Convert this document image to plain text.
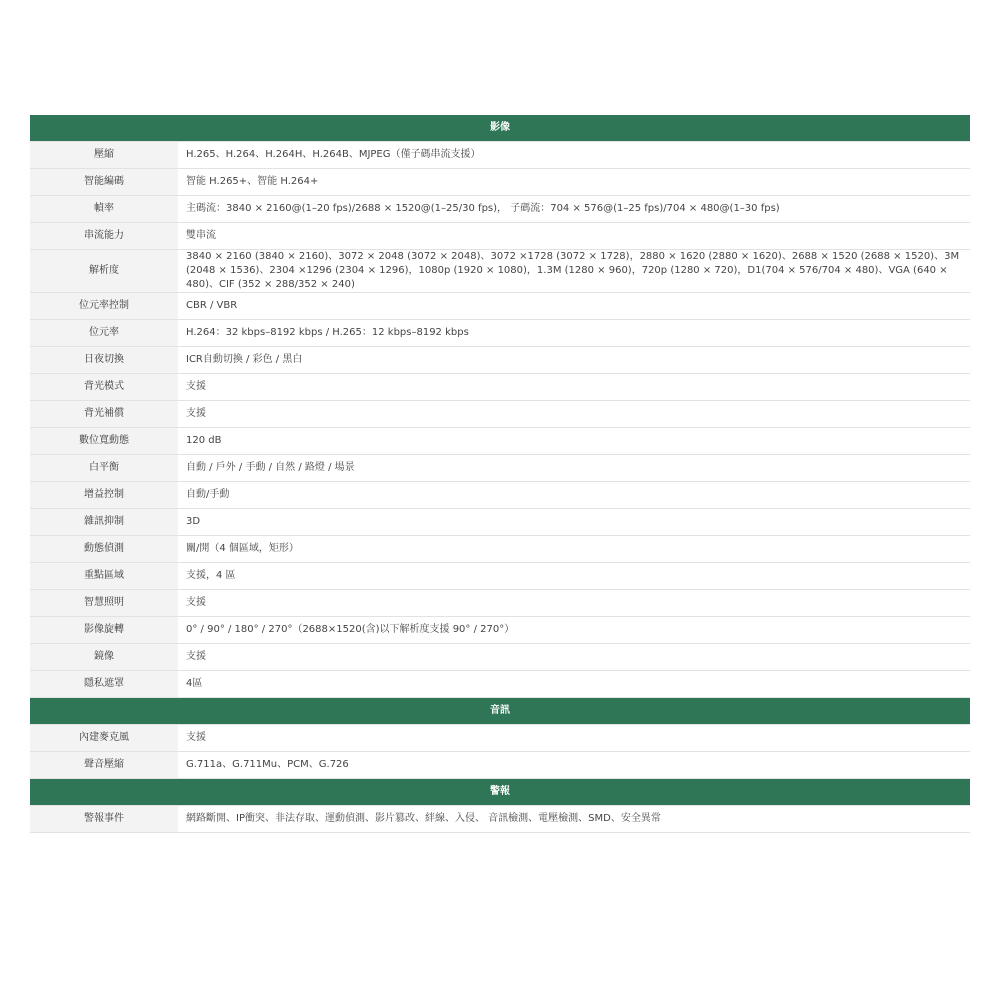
影像	
壓縮	H.265、H.264、H.264H、H.264B、MJPEG（僅子碼串流支援）
智能編碼	智能 H.265+、智能 H.264+
幀率	主碼流：3840 × 2160@(1–20 fps)/2688 × 1520@(1–25/30 fps)， 子碼流：704 × 576@(1–25 fps)/704 × 480@(1–30 fps)
串流能力	雙串流
解析度	3840 × 2160 (3840 × 2160)、3072 × 2048 (3072 × 2048)、3072 ×1728 (3072 × 1728)，2880 × 1620 (2880 × 1620)、2688 × 1520 (2688 × 1520)、3M (2048 × 1536)、2304 ×1296 (2304 × 1296)，1080p (1920 × 1080)，1.3M (1280 × 960)，720p (1280 × 720)，D1(704 × 576/704 × 480)、VGA (640 × 480)、CIF (352 × 288/352 × 240)
位元率控制	CBR / VBR
位元率	H.264：32 kbps–8192 kbps / H.265：12 kbps–8192 kbps
日夜切換	ICR自動切換 / 彩色 / 黑白
背光模式	支援
背光補償	支援
數位寬動態	120 dB
白平衡	自動 / 戶外 / 手動 / 自然 / 路燈 / 場景
增益控制	自動/手動
雜訊抑制	3D
動態偵測	關/開（4 個區域，矩形）
重點區域	支援，4 區
智慧照明	支援
影像旋轉	0° / 90° / 180° / 270°（2688×1520(含)以下解析度支援 90° / 270°）
鏡像	支援
隱私遮罩	4區
音訊	
內建麥克風	支援
聲音壓縮	G.711a、G.711Mu、PCM、G.726
警報	
警報事件	網路斷開、IP衝突、非法存取、運動偵測、影片篡改、絆線、入侵、 音訊檢測、電壓檢測、SMD、安全異常
